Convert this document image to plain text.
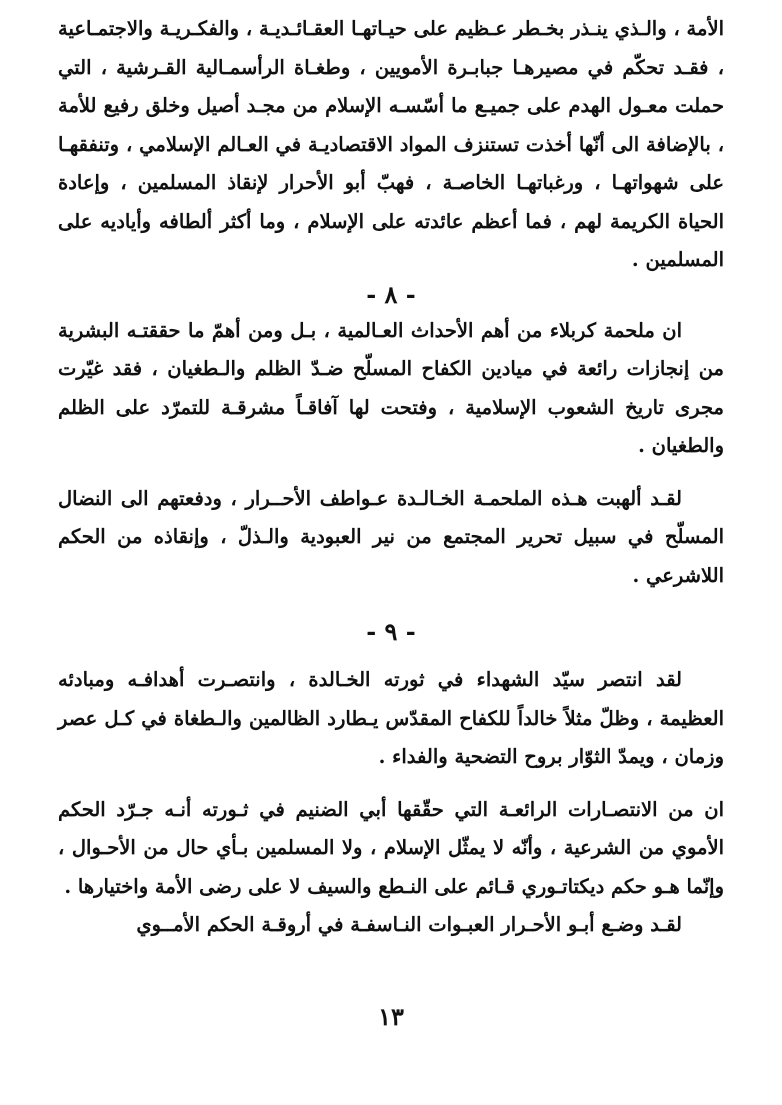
الأمة ، والـذي ينـذر بخـطر عـظيم على حيـاتهـا العقـائـديـة ، والفكـريـة والاجتمـاعية ، فقـد تحكّم في مصيرهـا جبابـرة الأمويين ، وطغـاة الرأسمـالية القـرشية ، التي حملت معـول الهدم على جميـع ما أسّسـه الإسلام من مجـد أصيل وخلق رفيع للأمة ، بالإضافة الى أنّها أخذت تستنزف المواد الاقتصاديـة في العـالم الإسلامي ، وتنفقهـا على شهواتهـا ، ورغباتهـا الخاصـة ، فهبّ أبو الأحرار لإنقاذ المسلمين ، وإعادة الحياة الكريمة لهم ، فما أعظم عائدته على الإسلام ، وما أكثر ألطافه وأياديه على المسلمين .

- ٨ -

ان ملحمة كربلاء من أهم الأحداث العـالمية ، بـل ومن أهمّ ما حققتـه البشرية من إنجازات رائعة في ميادين الكفاح المسلّح ضـدّ الظلم والـطغيان ، فقد غيّرت مجرى تاريخ الشعوب الإسلامية ، وفتحت لها آفاقـاً مشرقـة للتمرّد على الظلم والطغيان .

لقـد ألهبت هـذه الملحمـة الخـالـدة عـواطف الأحــرار ، ودفعتهم الى النضال المسلّح في سبيل تحرير المجتمع من نير العبودية والـذلّ ، وإنقاذه من الحكم اللاشرعي .

- ٩ -

لقد انتصر سيّد الشهداء في ثورته الخـالدة ، وانتصـرت أهدافـه ومبادئه العظيمة ، وظلّ مثلاً خالداً للكفاح المقدّس يـطارد الظالمين والـطغاة في كـل عصر وزمان ، ويمدّ الثوّار بروح التضحية والفداء .

ان من الانتصـارات الرائعـة التي حقّقها أبي الضنيم في ثـورته أنـه جـرّد الحكم الأموي من الشرعية ، وأنّه لا يمثّل الإسلام ، ولا المسلمين بـأي حال من الأحـوال ، وإنّما هـو حكم ديكتاتـوري قـائم على النـطع والسيف لا على رضى الأمة واختيارها .

لقـد وضـع أبـو الأحـرار العبـوات النـاسفـة في أروقـة الحكم الأمــوي

١٣
